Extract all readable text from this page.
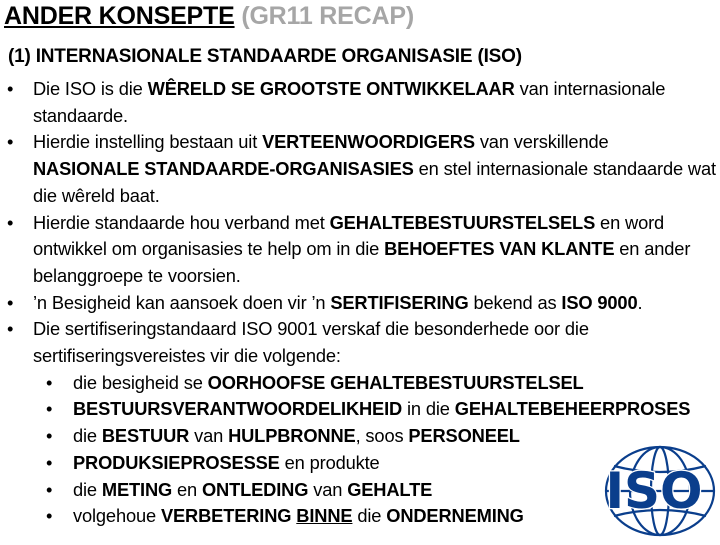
ANDER KONSEPTE (GR11 RECAP)
(1) INTERNASIONALE STANDAARDE ORGANISASIE (ISO)
• Die ISO is die WÊRELD SE GROOTSTE ONTWIKKELAAR van internasionale standaarde.
• Hierdie instelling bestaan uit VERTEENWOORDIGERS van verskillende NASIONALE STANDAARDE-ORGANISASIES en stel internasionale standaarde wat die wêreld baat.
• Hierdie standaarde hou verband met GEHALTEBESTUURSTELSELS en word ontwikkel om organisasies te help om in die BEHOEFTES VAN KLANTE en ander belanggroepe te voorsien.
• ’n Besigheid kan aansoek doen vir ’n SERTIFISERING bekend as ISO 9000.
• Die sertifiseringstandaard ISO 9001 verskaf die besonderhede oor die sertifiseringsvereistes vir die volgende:
• die besigheid se OORHOOFSE GEHALTEBESTUURSTELSEL
• BESTUURSVERANTWOORDELIKHEID in die GEHALTEBEHEERPROSES
• die BESTUUR van HULPBRONNE, soos PERSONEEL
• PRODUKSIEPROSESSE en produkte
• die METING en ONTLEDING van GEHALTE
• volgehoue VERBETERING BINNE die ONDERNEMING	ISO
